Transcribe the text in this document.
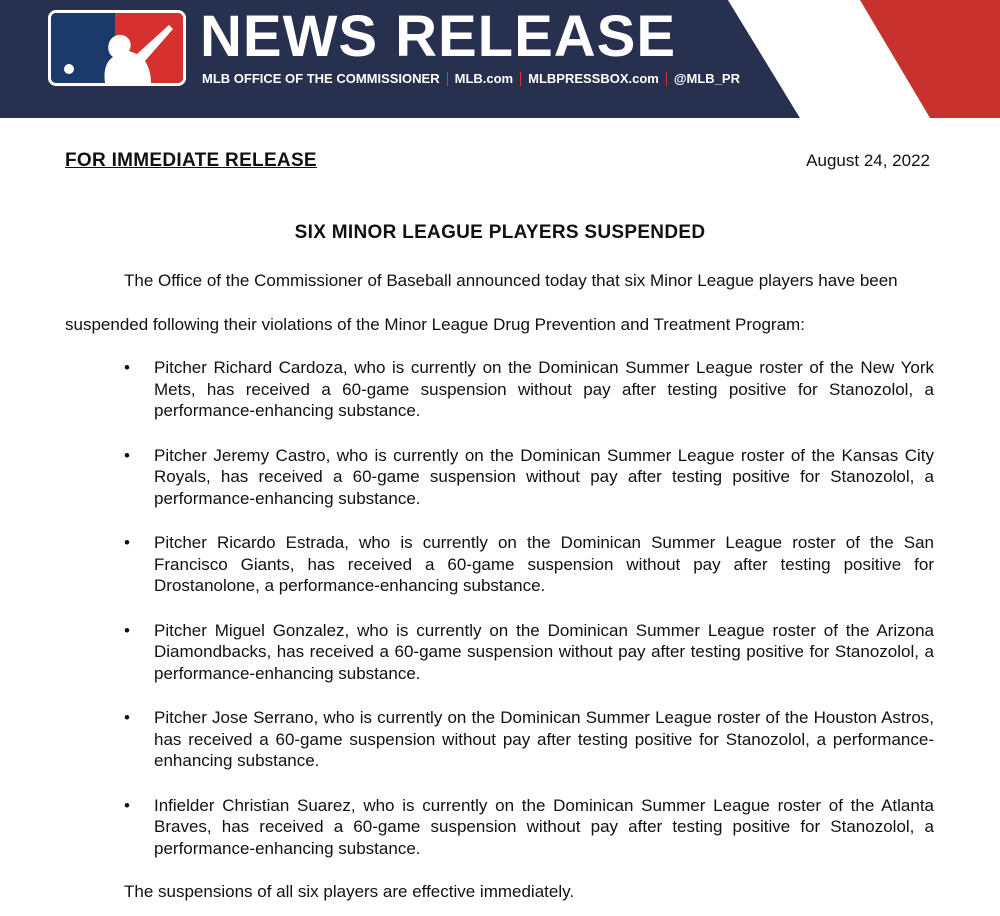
NEWS RELEASE
MLB OFFICE OF THE COMMISSIONER MLB.com MLBPRESSBOX.com @MLB_PR
FOR IMMEDIATE RELEASE	August 24, 2022
SIX MINOR LEAGUE PLAYERS SUSPENDED
The Office of the Commissioner of Baseball announced today that six Minor League players have been
suspended following their violations of the Minor League Drug Prevention and Treatment Program:
• Pitcher Richard Cardoza, who is currently on the Dominican Summer League roster of the New York Mets, has received a 60-game suspension without pay after testing positive for Stanozolol, a performance-enhancing substance.
• Pitcher Jeremy Castro, who is currently on the Dominican Summer League roster of the Kansas City Royals, has received a 60-game suspension without pay after testing positive for Stanozolol, a performance-enhancing substance.
• Pitcher Ricardo Estrada, who is currently on the Dominican Summer League roster of the San Francisco Giants, has received a 60-game suspension without pay after testing positive for Drostanolone, a performance-enhancing substance.
• Pitcher Miguel Gonzalez, who is currently on the Dominican Summer League roster of the Arizona Diamondbacks, has received a 60-game suspension without pay after testing positive for Stanozolol, a performance-enhancing substance.
• Pitcher Jose Serrano, who is currently on the Dominican Summer League roster of the Houston Astros, has received a 60-game suspension without pay after testing positive for Stanozolol, a performance-enhancing substance.
• Infielder Christian Suarez, who is currently on the Dominican Summer League roster of the Atlanta Braves, has received a 60-game suspension without pay after testing positive for Stanozolol, a performance-enhancing substance.
The suspensions of all six players are effective immediately.
